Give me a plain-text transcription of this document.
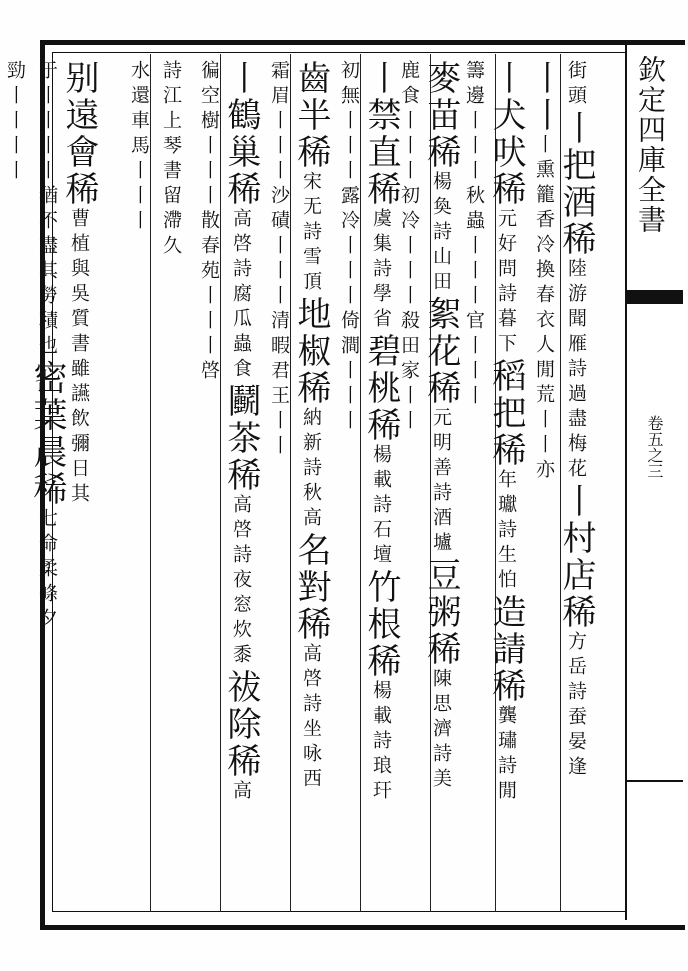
欽定四庫全書
卷五之三
街頭丨把酒稀陸游聞雁詩過盡梅花丨村店稀方岳詩蚕晏逢
丨丨丨熏籠香冷換春衣人閒荒丨丨亦
丨犬吠稀元好問詩暮下稻把稀年瓛詩生怕造請稀龔璛詩閒
籌邊丨丨丨秋蟲丨丨丨官丨丨丨
麥苗稀楊奐詩山田絮花稀元明善詩酒壚豆粥稀陳思濟詩美
鹿食丨丨丨初冷丨丨丨殺田家丨丨
丨禁直稀虞集詩學省碧桃稀楊載詩石壇竹根稀楊載詩琅玕
初無丨丨丨露冷丨丨丨倚澗丨丨丨
齒半稀宋无詩雪頂地椒稀納新詩秋高名對稀高啓詩坐咏西
霜眉丨丨丨沙磧丨丨丨清暇君王丨丨
丨鶴巢稀高啓詩腐瓜蟲食鬬茶稀高啓詩夜窓炊黍祓除稀高
徧空樹丨丨丨散春苑丨丨丨啓
詩江上琴書留滯久
水還車馬丨丨丨
别遠會稀曹植與吳質書雖讌飲彌日其
于丨丨丨丨猶不盡其勞積也密葉晨稀七命柔條夕
勁丨丨丨丨
